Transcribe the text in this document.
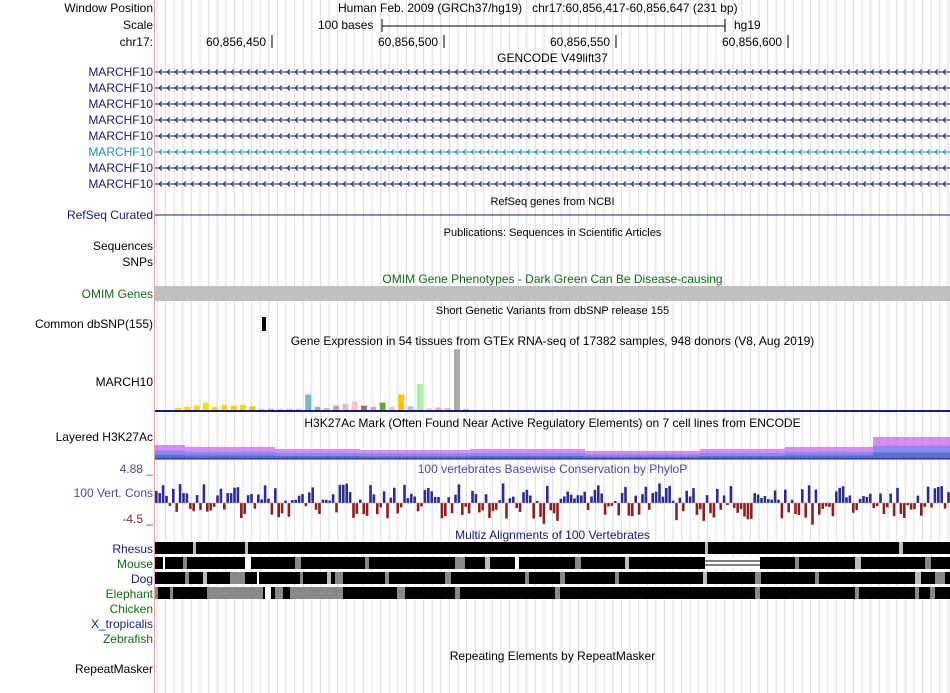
Window Position	Human Feb. 2009 (GRCh37/hg19)   chr17:60,856,417-60,856,647 (231 bp)
Scale	100 bases	hg19
chr17:	60,856,450	60,856,500	60,856,550	60,856,600
GENCODE V49lift37
MARCHF10
MARCHF10
MARCHF10
MARCHF10
MARCHF10
MARCHF10
MARCHF10
MARCHF10
RefSeq genes from NCBI
RefSeq Curated
Publications: Sequences in Scientific Articles
Sequences
SNPs
OMIM Gene Phenotypes - Dark Green Can Be Disease-causing
OMIM Genes
Short Genetic Variants from dbSNP release 155
Common dbSNP(155)
Gene Expression in 54 tissues from GTEx RNA-seq of 17382 samples, 948 donors (V8, Aug 2019)
MARCH10
H3K27Ac Mark (Often Found Near Active Regulatory Elements) on 7 cell lines from ENCODE
Layered H3K27Ac
100 vertebrates Basewise Conservation by PhyloP
4.88 _
100 Vert. Cons
-4.5 _
Multiz Alignments of 100 Vertebrates
Rhesus
Mouse
Dog
Elephant
Chicken
X_tropicalis
Zebrafish
Repeating Elements by RepeatMasker
RepeatMasker
